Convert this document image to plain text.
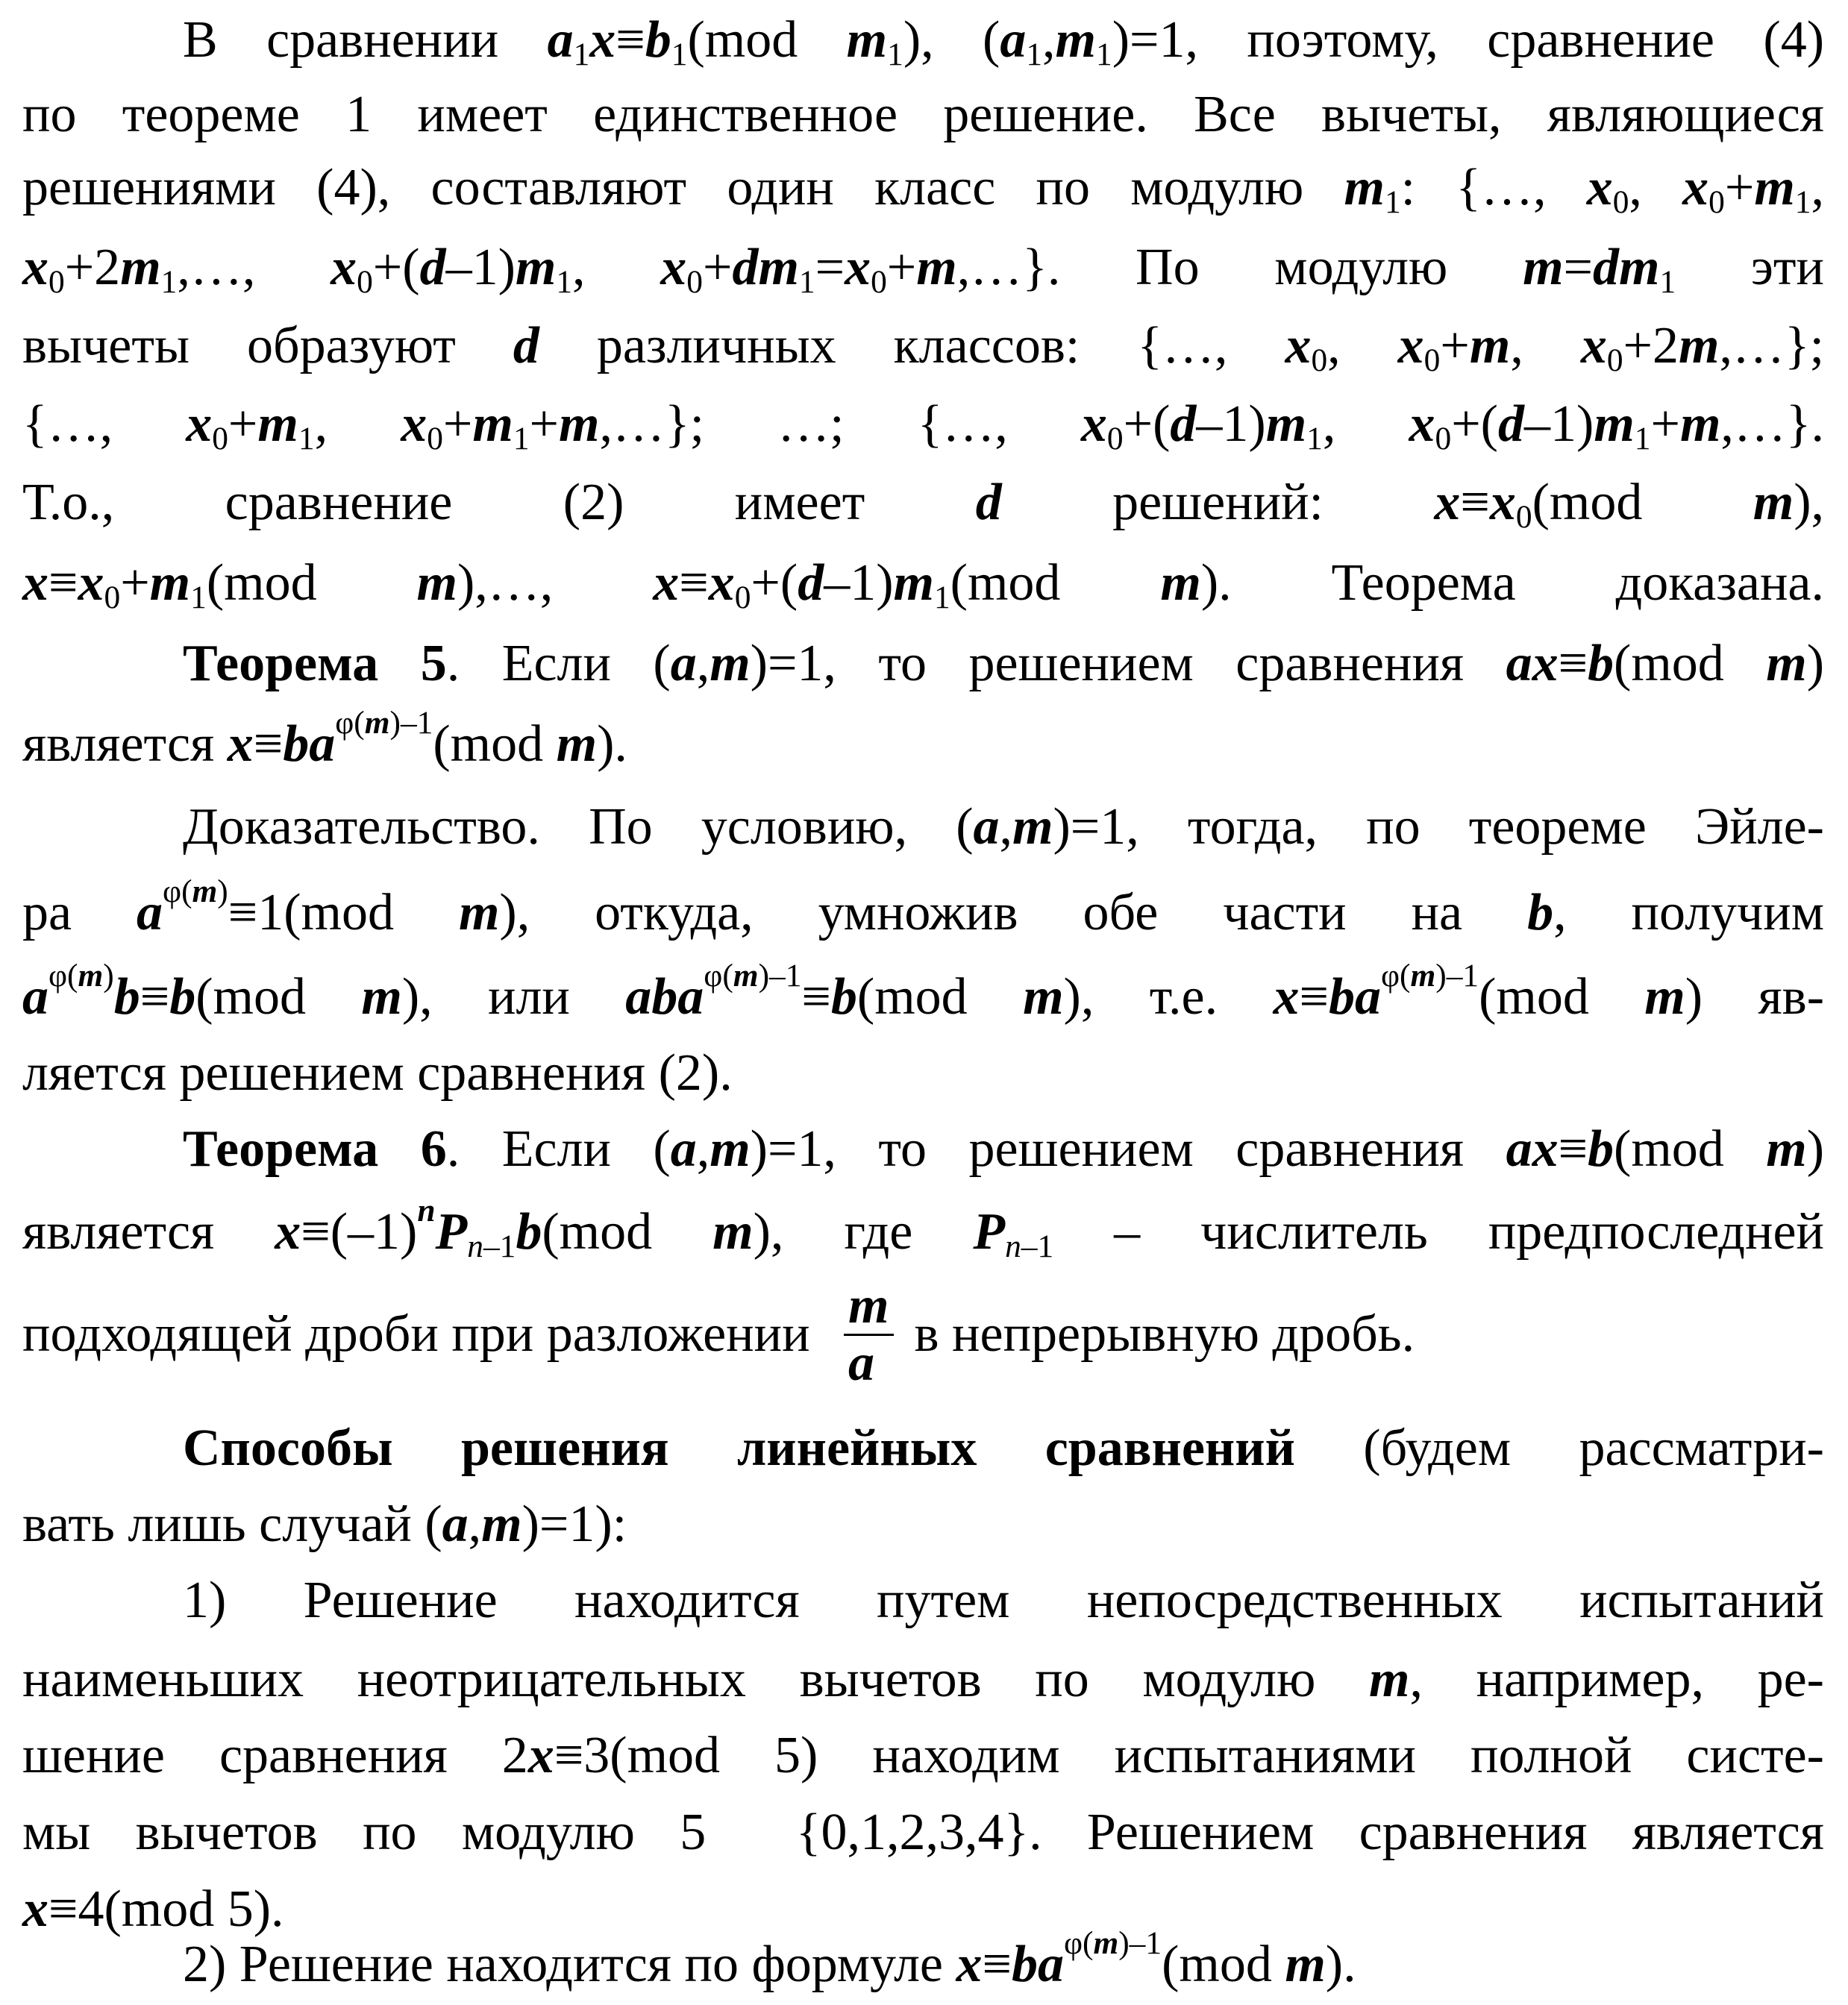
В сравнении $a_1x\equiv b_1(mod$ $m_1$), $(a_1,m_1)=1$, поэтому, сравнение (4)
по теореме 1 имеет единственное решение. Все вычеты, являющиеся
решениями (4), составляют один класс по модулю $m_1$: {…, $x_0$, $x_0+m_1$,
$x_0+2m_1,\dots$, $x_0+(d-1)m_1$, $x_0+dm_1=x_0+m,\dots$}. По модулю $m=dm_1$ эти
вычеты образуют d различных классов: {…, $x_0$, $x_0+m$, $x_0+2m,\dots$};
{…, $x_0+m_1$, $x_0+m_1+m,\dots$}; …; {…, $x_0+(d-1)m_1$, $x_0+(d-1)m_1+m,\dots$}.
Т.о., сравнение (2) имеет d решений: $x\equiv x_0(mod$ m),
$x\equiv x_0+m_1(mod$ m),…, $x\equiv x_0+(d-1)m_1(mod$ m). Теорема доказана.
Теорема 5. Если (a,m)=1, то решением сравнения ax≡b(mod m)
является $x\equiv ba^{\varphi(m)-1}(mod$ m).
Доказательство. По условию, (a,m)=1, тогда, по теореме Эйле-
ра $a^{\varphi(m)}\equiv 1(mod$ m), откуда, умножив обе части на b, получим
$a^{\varphi(m)}b\equiv b(mod$ m), или aba$^{\varphi(m)-1}$≡b(mod m), т.е. $x\equiv ba^{\varphi(m)-1}(mod$ m) яв-
ляется решением сравнения (2).
Теорема 6. Если (a,m)=1, то решением сравнения ax≡b(mod m)
является $x\equiv(-1)^nP_{n-1}b(mod$ m), где $P_{n-1}$ – числитель предпоследней
подходящей дроби при разложении $\frac{m}{a}$ в непрерывную дробь.
Способы решения линейных сравнений (будем рассматри-
вать лишь случай (a,m)=1):
1) Решение находится путем непосредственных испытаний
наименьших неотрицательных вычетов по модулю m, например, ре-
шение сравнения 2x≡3(mod 5) находим испытаниями полной систе-
мы вычетов по модулю 5  {0,1,2,3,4}. Решением сравнения является
x≡4(mod 5).
2) Решение находится по формуле $x\equiv ba^{\varphi(m)-1}(mod$ m).
